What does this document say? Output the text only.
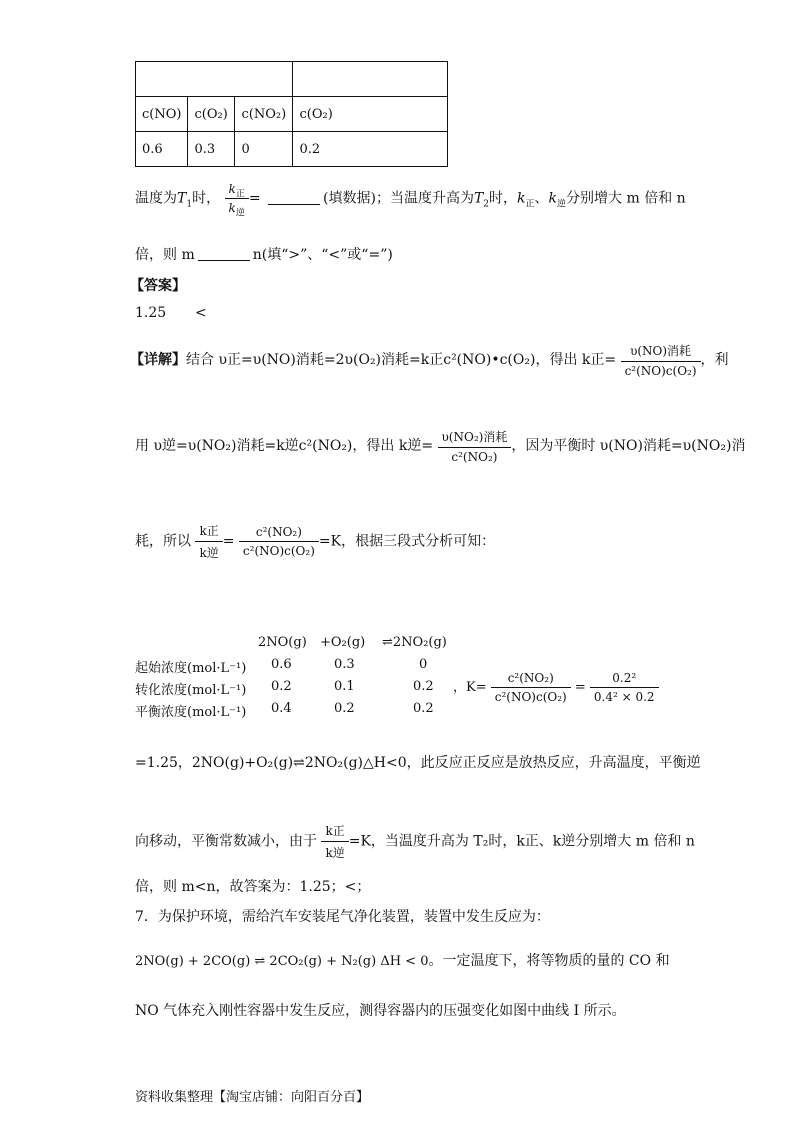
c(NO)	c(O₂)	c(NO₂)	c(O₂)
0.6	0.3	0	0.2
温度为$T_1$时， $\frac{k_正}{k_逆}$ =	(填数据)；当温度升高为$T_2$时，$k_正$、$k_逆$分别增大 m 倍和 n
倍，则 m	n(填“>”、“<”或“=”)
【答案】
1.25 <
【详解】结合 υ正=υ(NO)消耗=2υ(O₂)消耗=k正c²(NO)•c(O₂)，得出 k正= $\frac{\text{υ(NO)消耗}}{\text{c²(NO)c(O₂)}}$ ，利
用 υ逆=υ(NO₂)消耗=k逆c²(NO₂)，得出 k逆= $\frac{\text{υ(NO₂)消耗}}{\text{c²(NO₂)}}$ ，因为平衡时 υ(NO)消耗=υ(NO₂)消
耗，所以 $\frac{\text{k正}}{\text{k逆}} = \frac{\text{c²(NO₂)}}{\text{c²(NO)c(O₂)}} =K$，根据三段式分析可知：
2NO(g) +O₂(g) ⇌2NO₂(g)
起始浓度(mol·L⁻¹) 0.6	0.3	0
转化浓度(mol·L⁻¹) 0.2	0.1	0.2
平衡浓度(mol·L⁻¹) 0.4	0.2	0.2
，$K= \frac{\text{c²(NO₂)}}{\text{c²(NO)c(O₂)}} = \frac{\text{0.2²}}{\text{0.4² × 0.2}}$
=1.25，2NO(g)+O₂(g)⇌2NO₂(g)△H<0，此反应正反应是放热反应，升高温度，平衡逆
向移动，平衡常数减小，由于 $\frac{\text{k正}}{\text{k逆}} =K$，当温度升高为 T₂时，k正、k逆分别增大 m 倍和 n
倍，则 m<n，故答案为：1.25；<；
7．为保护环境，需给汽车安装尾气净化装置，装置中发生反应为：
2NO(g) + 2CO(g) ⇌ 2CO₂(g) + N₂(g) ΔH < 0。一定温度下，将等物质的量的 CO 和
NO 气体充入刚性容器中发生反应，测得容器内的压强变化如图中曲线 I 所示。
资料收集整理【淘宝店铺：向阳百分百】
